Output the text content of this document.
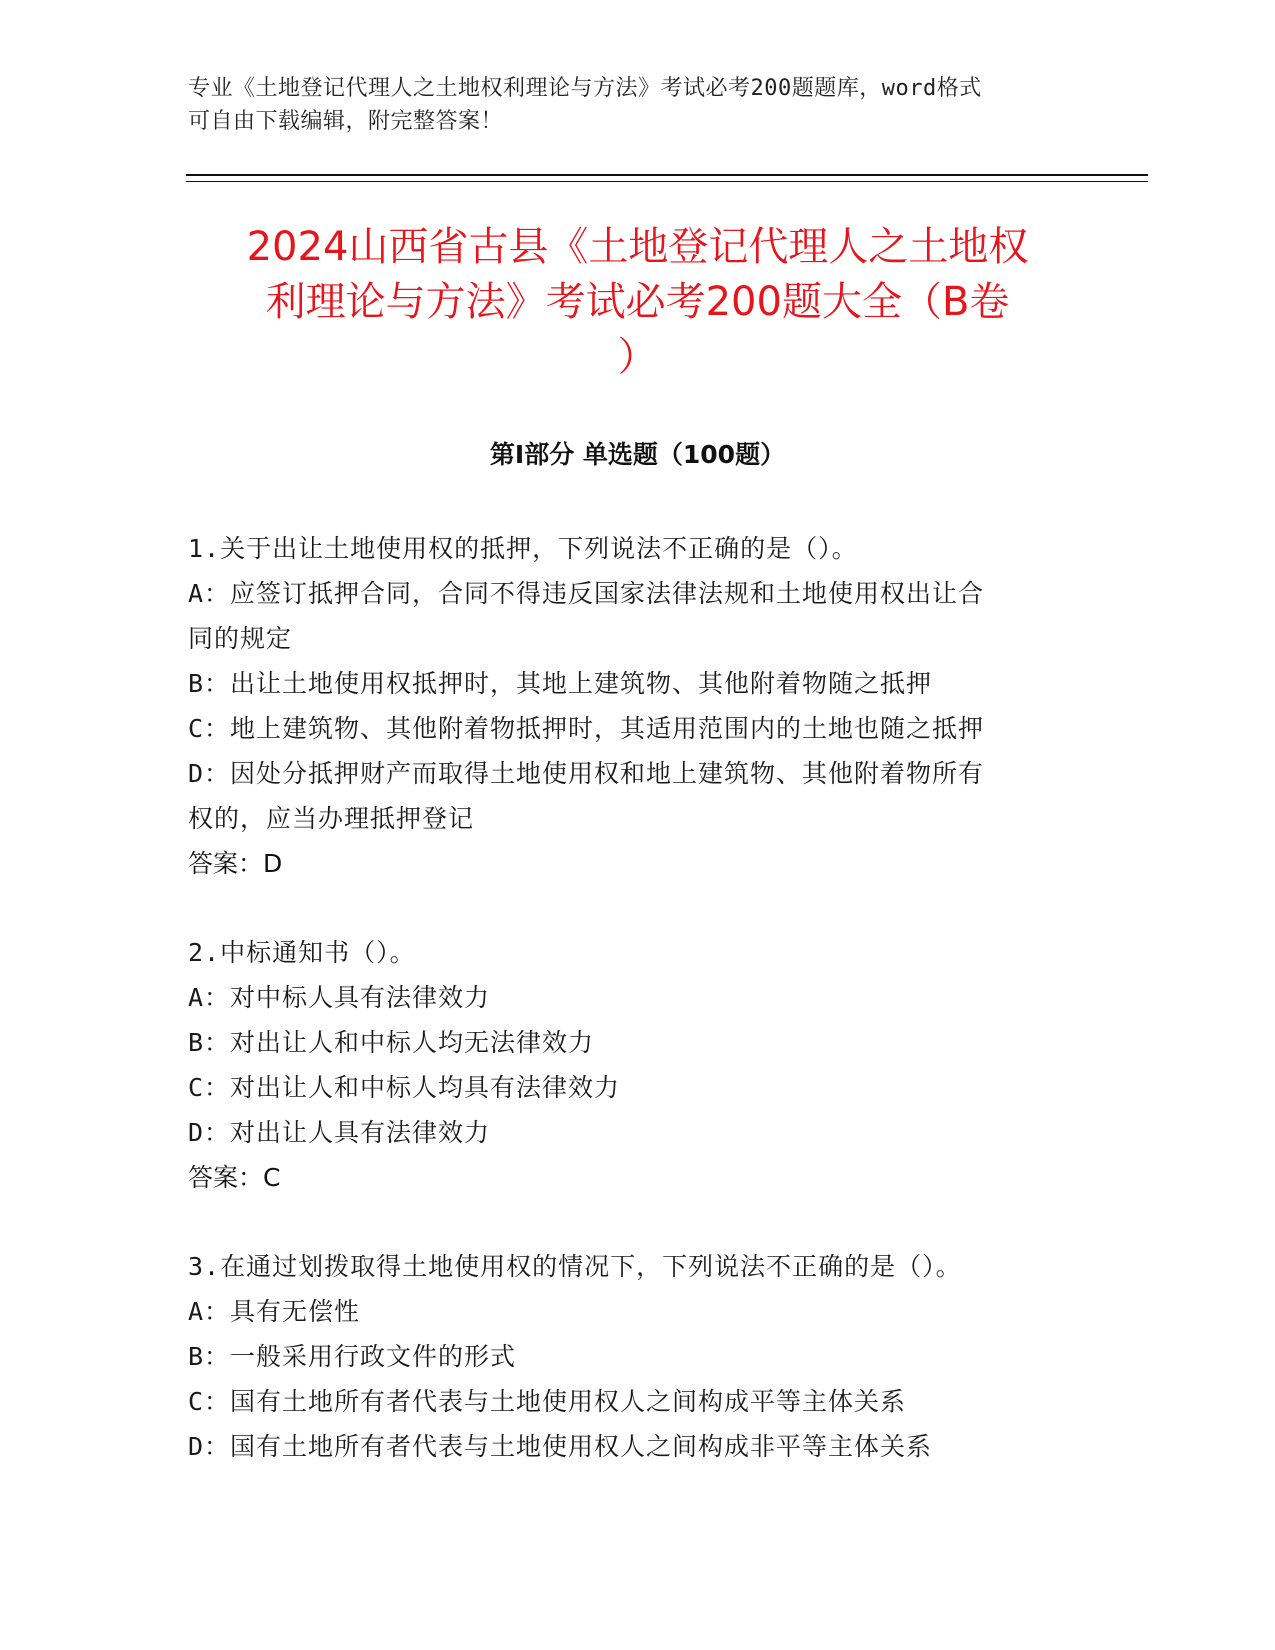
专业《土地登记代理人之土地权利理论与方法》考试必考200题题库，word格式
可自由下载编辑，附完整答案！
2024山西省古县《土地登记代理人之土地权
利理论与方法》考试必考200题大全（B卷
）
第Ⅰ部分 单选题（100题）
1.关于出让土地使用权的抵押，下列说法不正确的是（）。
A：应签订抵押合同，合同不得违反国家法律法规和土地使用权出让合
同的规定
B：出让土地使用权抵押时，其地上建筑物、其他附着物随之抵押
C：地上建筑物、其他附着物抵押时，其适用范围内的土地也随之抵押
D：因处分抵押财产而取得土地使用权和地上建筑物、其他附着物所有
权的，应当办理抵押登记
答案：D
2.中标通知书（）。
A：对中标人具有法律效力
B：对出让人和中标人均无法律效力
C：对出让人和中标人均具有法律效力
D：对出让人具有法律效力
答案：C
3.在通过划拨取得土地使用权的情况下，下列说法不正确的是（）。
A：具有无偿性
B：一般采用行政文件的形式
C：国有土地所有者代表与土地使用权人之间构成平等主体关系
D：国有土地所有者代表与土地使用权人之间构成非平等主体关系
